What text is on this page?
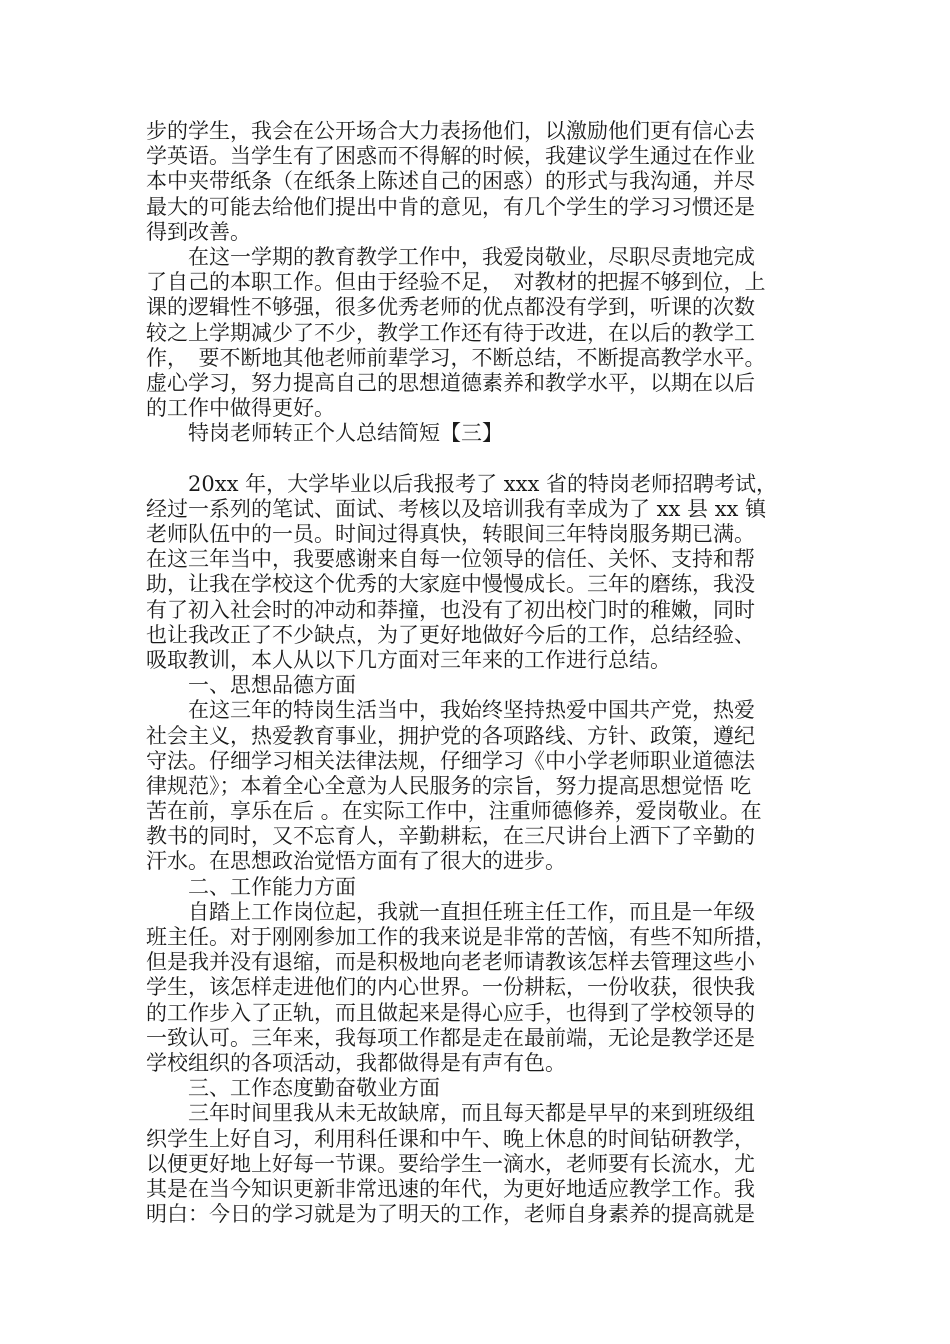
步的学生，我会在公开场合大力表扬他们，以激励他们更有信心去
学英语。当学生有了困惑而不得解的时候，我建议学生通过在作业
本中夹带纸条（在纸条上陈述自己的困惑）的形式与我沟通，并尽
最大的可能去给他们提出中肯的意见，有几个学生的学习习惯还是
得到改善。
　　在这一学期的教育教学工作中，我爱岗敬业，尽职尽责地完成
了自己的本职工作。但由于经验不足，　对教材的把握不够到位，上
课的逻辑性不够强，很多优秀老师的优点都没有学到，听课的次数
较之上学期减少了不少，教学工作还有待于改进，在以后的教学工
作，　要不断地其他老师前辈学习，不断总结，不断提高教学水平。
虚心学习，努力提高自己的思想道德素养和教学水平，以期在以后
的工作中做得更好。
　　特岗老师转正个人总结简短【三】
　　20xx 年，大学毕业以后我报考了 xxx 省的特岗老师招聘考试，
经过一系列的笔试、面试、考核以及培训我有幸成为了 xx 县 xx 镇
老师队伍中的一员。时间过得真快，转眼间三年特岗服务期已满。
在这三年当中，我要感谢来自每一位领导的信任、关怀、支持和帮
助，让我在学校这个优秀的大家庭中慢慢成长。三年的磨练，我没
有了初入社会时的冲动和莽撞，也没有了初出校门时的稚嫩，同时
也让我改正了不少缺点，为了更好地做好今后的工作，总结经验、
吸取教训，本人从以下几方面对三年来的工作进行总结。
　　一、思想品德方面
　　在这三年的特岗生活当中，我始终坚持热爱中国共产党，热爱
社会主义，热爱教育事业，拥护党的各项路线、方针、政策，遵纪
守法。仔细学习相关法律法规，仔细学习《中小学老师职业道德法
律规范》；本着全心全意为人民服务的宗旨，努力提高思想觉悟 吃
苦在前，享乐在后 。在实际工作中，注重师德修养，爱岗敬业。在
教书的同时，又不忘育人，辛勤耕耘，在三尺讲台上洒下了辛勤的
汗水。在思想政治觉悟方面有了很大的进步。
　　二、工作能力方面
　　自踏上工作岗位起，我就一直担任班主任工作，而且是一年级
班主任。对于刚刚参加工作的我来说是非常的苦恼，有些不知所措，
但是我并没有退缩，而是积极地向老老师请教该怎样去管理这些小
学生，该怎样走进他们的内心世界。一份耕耘，一份收获，很快我
的工作步入了正轨，而且做起来是得心应手，也得到了学校领导的
一致认可。三年来，我每项工作都是走在最前端，无论是教学还是
学校组织的各项活动，我都做得是有声有色。
　　三、工作态度勤奋敬业方面
　　三年时间里我从未无故缺席，而且每天都是早早的来到班级组
织学生上好自习，利用科任课和中午、晚上休息的时间钻研教学，
以便更好地上好每一节课。要给学生一滴水，老师要有长流水，尤
其是在当今知识更新非常迅速的年代，为更好地适应教学工作。我
明白：今日的学习就是为了明天的工作，老师自身素养的提高就是
